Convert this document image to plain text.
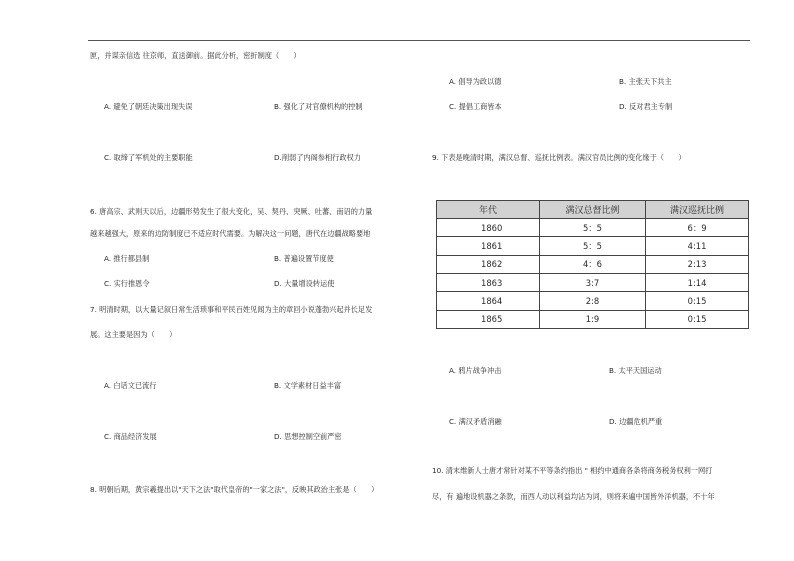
匣，并谋亲信选 往京师，直送御前。据此分析，密折制度（　　）
A. 避免了朝廷决策出现失误	B. 强化了对官僚机构的控制
C. 取缔了军机处的主要职能	D.削弱了内阁参相行政权力
6. 唐高宗、武则天以后，边疆形势发生了很大变化，吴、契丹、突厥、吐蕃、南诏的力量
越来越强大，原来的边防制度已不适应时代需要。为解决这一问题，唐代在边疆战略要地
A. 推行都县制	B. 普遍设置节度使
C. 实行推恩令	D. 大量增设转运使
7. 明清时期，以大量记叙日常生活琐事和平民百姓见闻为主的章回小说蓬勃兴起并长足发
展。这主要是因为（　　）
A. 白话文已流行	B. 文学素材日益丰富
C. 商品经济发展	D. 思想控制空前严密
8. 明朝后期，黄宗羲提出以"天下之法"取代皇帝的"一家之法"，反映其政治主张是（　　）
A. 倡导为政以德	B. 主张天下共主
C. 提倡工商皆本	D. 反对君主专制
9. 下表是晚清时期，满汉总督、巡抚比例表。满汉官员比例的变化缘于（　　）
年代	满汉总督比例	满汉巡抚比例
1860	5：5	6：9
1861	5：5	4:11
1862	4：6	2:13
1863	3:7	1:14
1864	2:8	0:15
1865	1:9	0:15
A. 鸦片战争冲击	B. 太平天国运动
C. 满汉矛盾消融	D. 边疆危机严重
10. 清末维新人士唐才常针对某不平等条约指出 " 相约中通商各条将商务税务权利一网打
尽，有 遍地设机器之条款，而西人动以利益均沾为词，则将来遍中国皆外洋机器，不十年
